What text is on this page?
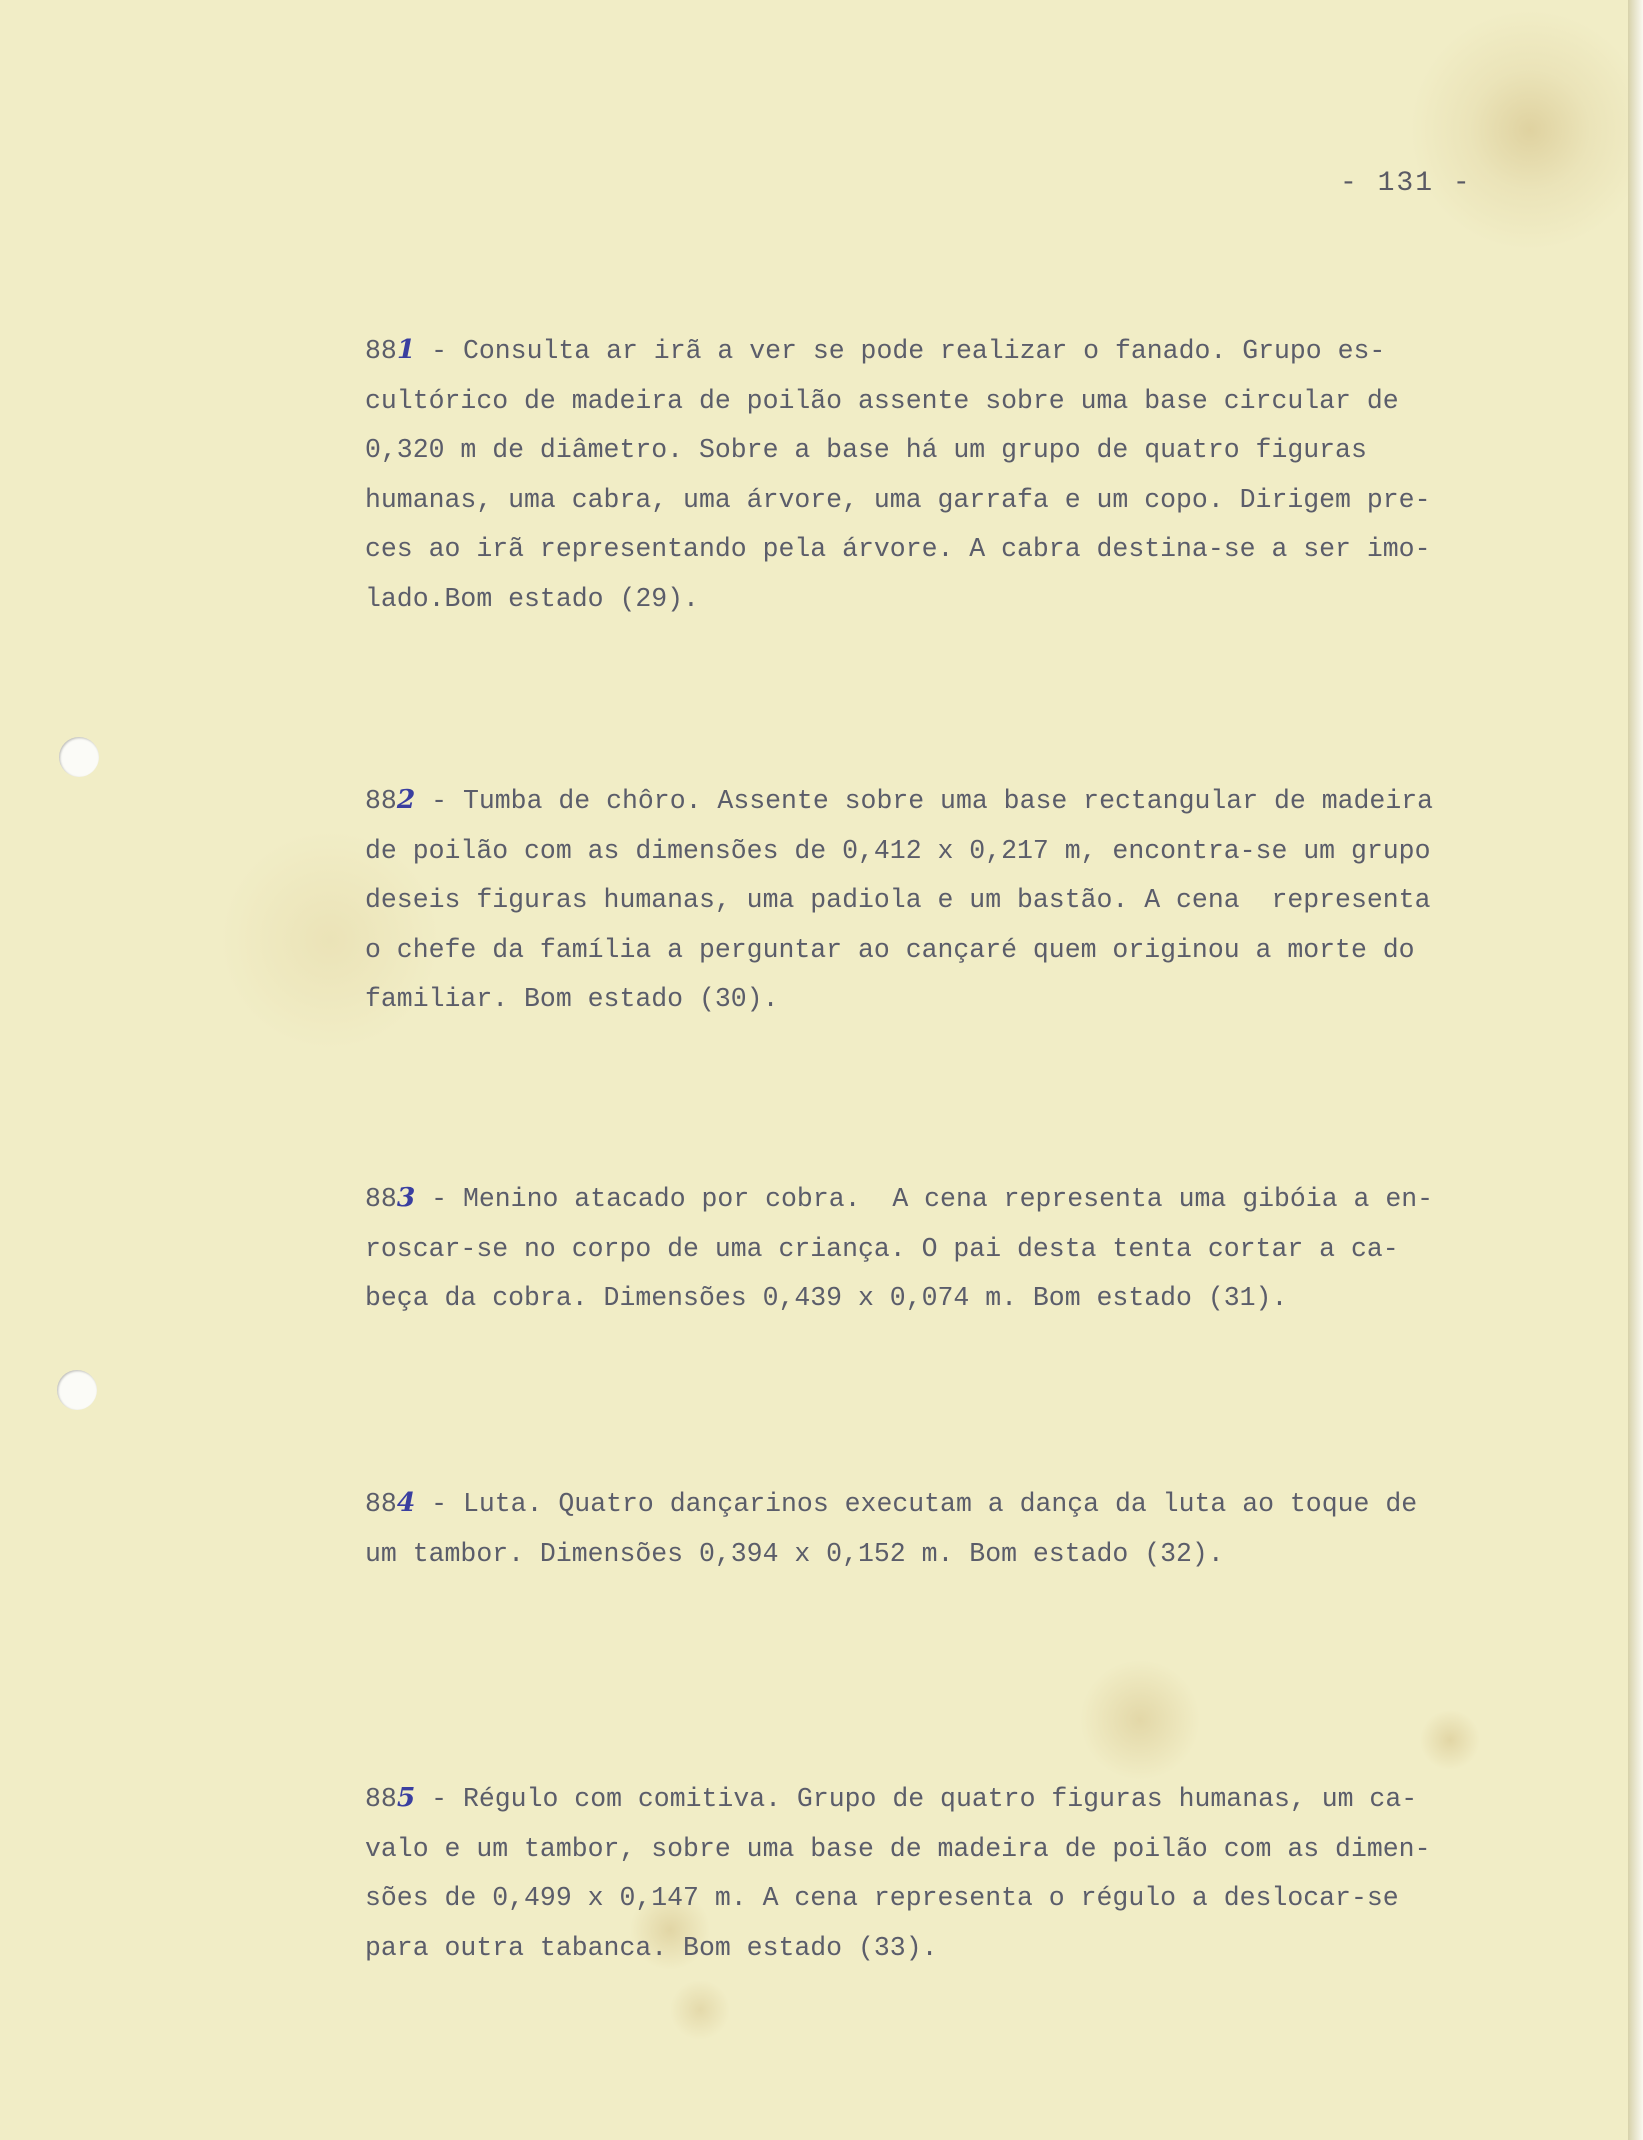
- 131 -
881 - Consulta ar irã a ver se pode realizar o fanado. Grupo es-
cultórico de madeira de poilão assente sobre uma base circular de
0,320 m de diâmetro. Sobre a base há um grupo de quatro figuras
humanas, uma cabra, uma árvore, uma garrafa e um copo. Dirigem pre-
ces ao irã representando pela árvore. A cabra destina-se a ser imo-
lado.Bom estado (29).
882 - Tumba de chôro. Assente sobre uma base rectangular de madeira
de poilão com as dimensões de 0,412 x 0,217 m, encontra-se um grupo
deseis figuras humanas, uma padiola e um bastão. A cena  representa
o chefe da família a perguntar ao cançaré quem originou a morte do
familiar. Bom estado (30).
883 - Menino atacado por cobra.  A cena representa uma gibóia a en-
roscar-se no corpo de uma criança. O pai desta tenta cortar a ca-
beça da cobra. Dimensões 0,439 x 0,074 m. Bom estado (31).
884 - Luta. Quatro dançarinos executam a dança da luta ao toque de
um tambor. Dimensões 0,394 x 0,152 m. Bom estado (32).
885 - Régulo com comitiva. Grupo de quatro figuras humanas, um ca-
valo e um tambor, sobre uma base de madeira de poilão com as dimen-
sões de 0,499 x 0,147 m. A cena representa o régulo a deslocar-se
para outra tabanca. Bom estado (33).
